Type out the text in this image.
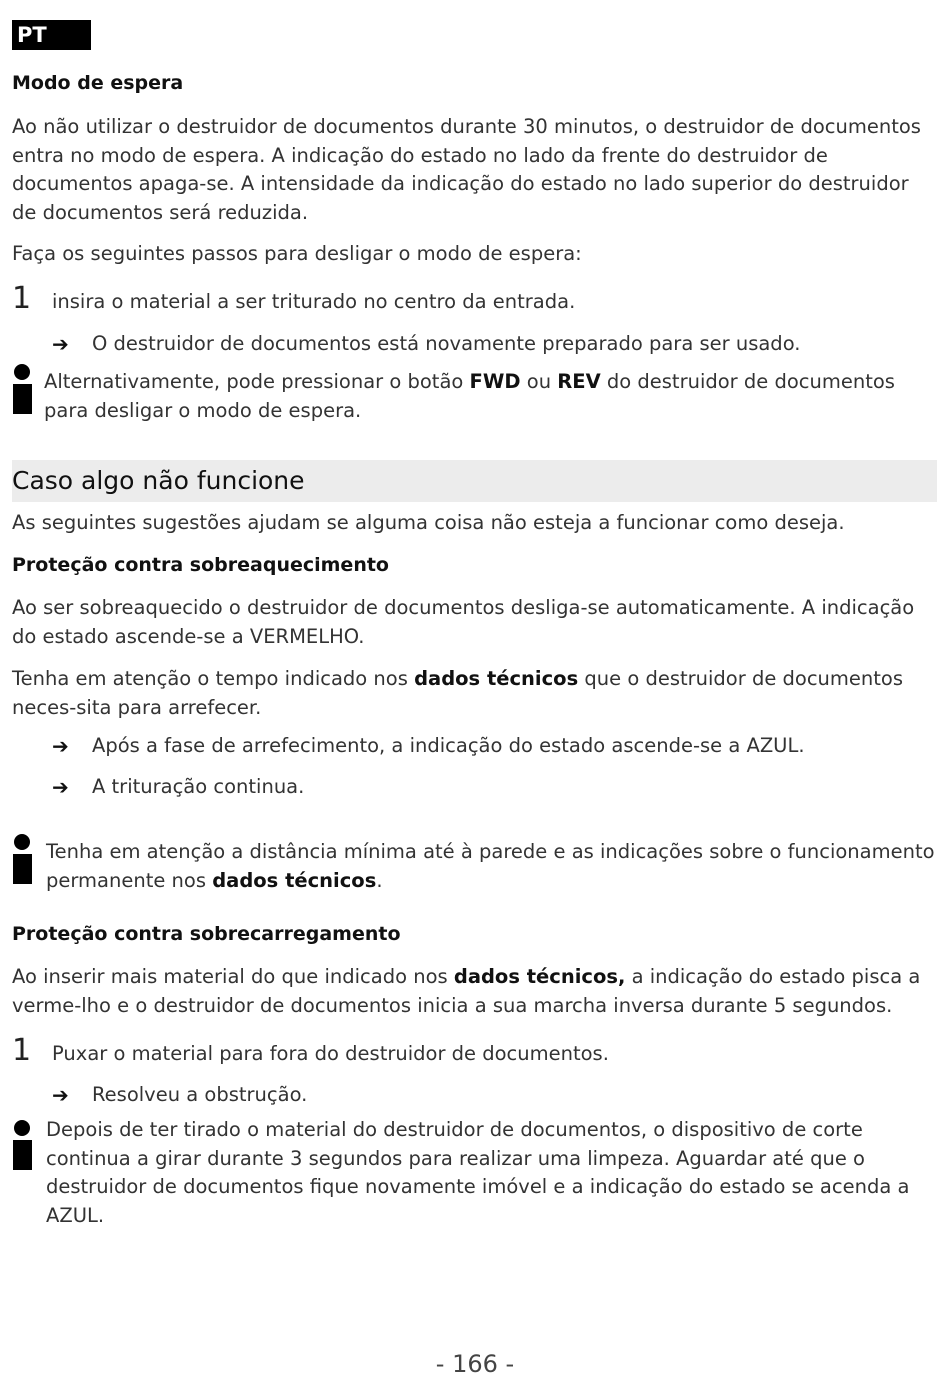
PT
Modo de espera
Ao não utilizar o destruidor de documentos durante 30 minutos, o destruidor de documentos entra no modo de espera. A indicação do estado no lado da frente do destruidor de documentos apaga-se. A intensidade da indicação do estado no lado superior do destruidor de documentos será reduzida.
Faça os seguintes passos para desligar o modo de espera:
1 insira o material a ser triturado no centro da entrada.
➔ O destruidor de documentos está novamente preparado para ser usado.
Alternativamente, pode pressionar o botão FWD ou REV do destruidor de documentos para desligar o modo de espera.
Caso algo não funcione
As seguintes sugestões ajudam se alguma coisa não esteja a funcionar como deseja.
Proteção contra sobreaquecimento
Ao ser sobreaquecido o destruidor de documentos desliga-se automaticamente. A indicação do estado ascende-se a VERMELHO.
Tenha em atenção o tempo indicado nos dados técnicos que o destruidor de documentos neces-sita para arrefecer.
➔ Após a fase de arrefecimento, a indicação do estado ascende-se a AZUL.
➔ A trituração continua.
Tenha em atenção a distância mínima até à parede e as indicações sobre o funcionamento permanente nos dados técnicos.
Proteção contra sobrecarregamento
Ao inserir mais material do que indicado nos dados técnicos, a indicação do estado pisca a verme-lho e o destruidor de documentos inicia a sua marcha inversa durante 5 segundos.
1 Puxar o material para fora do destruidor de documentos.
➔ Resolveu a obstrução.
Depois de ter tirado o material do destruidor de documentos, o dispositivo de corte continua a girar durante 3 segundos para realizar uma limpeza. Aguardar até que o destruidor de documentos fique novamente imóvel e a indicação do estado se acenda a AZUL.
- 166 -
